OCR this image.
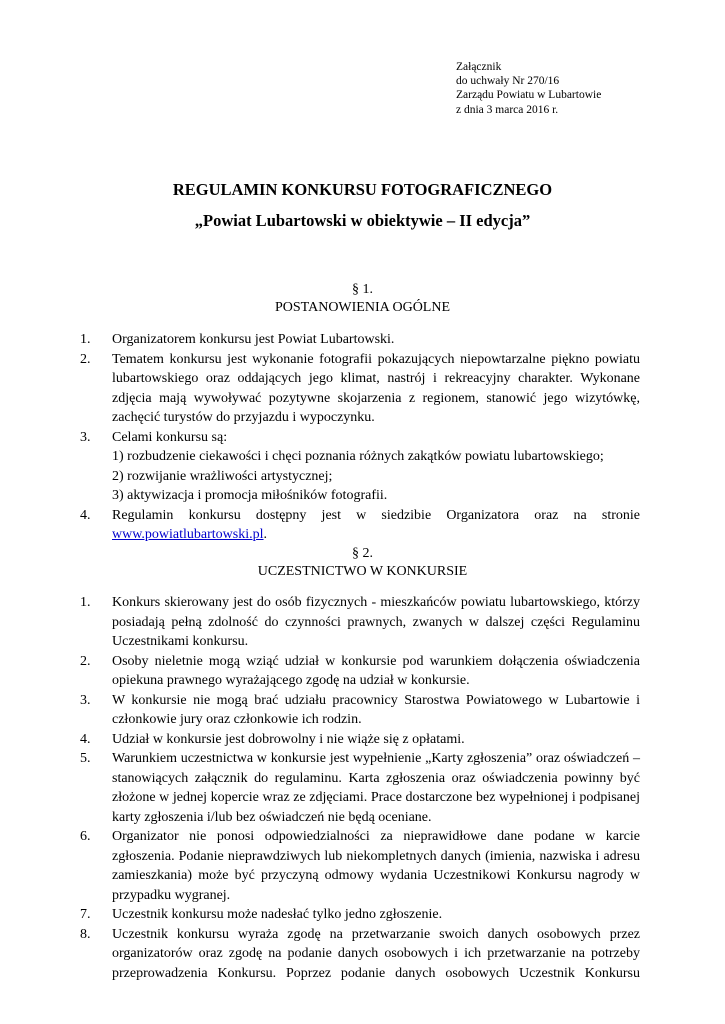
Załącznik
do uchwały Nr 270/16
Zarządu Powiatu w Lubartowie
z dnia 3 marca 2016 r.
REGULAMIN KONKURSU FOTOGRAFICZNEGO
„Powiat Lubartowski w obiektywie – II edycja”
§ 1.
POSTANOWIENIA OGÓLNE
1.	Organizatorem konkursu jest Powiat Lubartowski.
2.	Tematem konkursu jest wykonanie fotografii pokazujących niepowtarzalne piękno powiatu lubartowskiego oraz oddających jego klimat, nastrój i rekreacyjny charakter. Wykonane zdjęcia mają wywoływać pozytywne skojarzenia z regionem, stanowić jego wizytówkę, zachęcić turystów do przyjazdu i wypoczynku.
3.	Celami konkursu są:
1) rozbudzenie ciekawości i chęci poznania różnych zakątków powiatu lubartowskiego;
2) rozwijanie wrażliwości artystycznej;
3) aktywizacja i promocja miłośników fotografii.
4.	Regulamin konkursu dostępny jest w siedzibie Organizatora oraz na stronie www.powiatlubartowski.pl.
§ 2.
UCZESTNICTWO W KONKURSIE
1.	Konkurs skierowany jest do osób fizycznych - mieszkańców powiatu lubartowskiego, którzy posiadają pełną zdolność do czynności prawnych, zwanych w dalszej części Regulaminu Uczestnikami konkursu.
2.	Osoby nieletnie mogą wziąć udział w konkursie pod warunkiem dołączenia oświadczenia opiekuna prawnego wyrażającego zgodę na udział w konkursie.
3.	W konkursie nie mogą brać udziału pracownicy Starostwa Powiatowego w Lubartowie i członkowie jury oraz członkowie ich rodzin.
4.	Udział w konkursie jest dobrowolny i nie wiąże się z opłatami.
5.	Warunkiem uczestnictwa w konkursie jest wypełnienie „Karty zgłoszenia” oraz oświadczeń – stanowiących załącznik do regulaminu. Karta zgłoszenia oraz oświadczenia powinny być złożone w jednej kopercie wraz ze zdjęciami. Prace dostarczone bez wypełnionej i podpisanej karty zgłoszenia i/lub bez oświadczeń nie będą oceniane.
6.	Organizator nie ponosi odpowiedzialności za nieprawidłowe dane podane w karcie zgłoszenia. Podanie nieprawdziwych lub niekompletnych danych (imienia, nazwiska i adresu zamieszkania) może być przyczyną odmowy wydania Uczestnikowi Konkursu nagrody w przypadku wygranej.
7.	Uczestnik konkursu może nadesłać tylko jedno zgłoszenie.
8.	Uczestnik konkursu wyraża zgodę na przetwarzanie swoich danych osobowych przez organizatorów oraz zgodę na podanie danych osobowych i ich przetwarzanie na potrzeby przeprowadzenia Konkursu. Poprzez podanie danych osobowych Uczestnik Konkursu
